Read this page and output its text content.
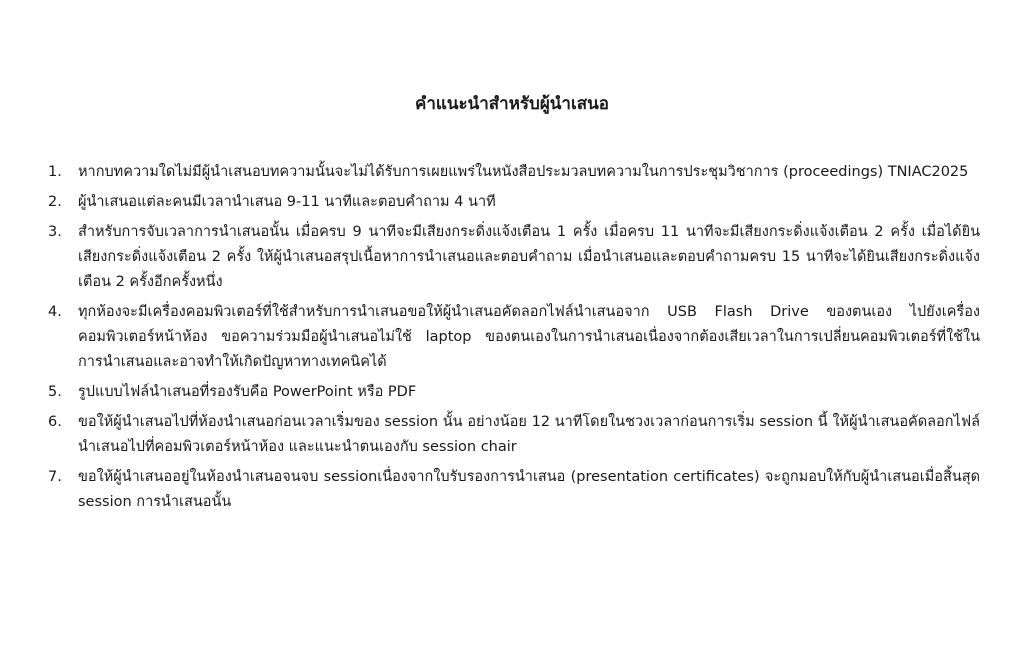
คำแนะนำสำหรับผู้นำเสนอ
1.	หากบทความใดไม่มีผู้นำเสนอบทความนั้นจะไม่ได้รับการเผยแพร่ในหนังสือประมวลบทความในการประชุมวิชาการ (proceedings) TNIAC2025
2.	ผู้นำเสนอแต่ละคนมีเวลานำเสนอ 9-11 นาทีและตอบคำถาม 4 นาที
3.	สำหรับการจับเวลาการนำเสนอนั้น เมื่อครบ 9 นาทีจะมีเสียงกระดิ่งแจ้งเตือน 1 ครั้ง เมื่อครบ 11 นาทีจะมีเสียงกระดิ่งแจ้งเตือน 2 ครั้ง เมื่อได้ยินเสียงกระดิ่งแจ้งเตือน 2 ครั้ง ให้ผู้นำเสนอสรุปเนื้อหาการนำเสนอและตอบคำถาม เมื่อนำเสนอและตอบคำถามครบ 15 นาทีจะได้ยินเสียงกระดิ่งแจ้งเตือน 2 ครั้งอีกครั้งหนึ่ง
4.	ทุกห้องจะมีเครื่องคอมพิวเตอร์ที่ใช้สำหรับการนำเสนอขอให้ผู้นำเสนอคัดลอกไฟล์นำเสนอจาก USB Flash Drive ของตนเอง ไปยังเครื่องคอมพิวเตอร์หน้าห้อง ขอความร่วมมือผู้นำเสนอไม่ใช้ laptop ของตนเองในการนำเสนอเนื่องจากต้องเสียเวลาในการเปลี่ยนคอมพิวเตอร์ที่ใช้ในการนำเสนอและอาจทำให้เกิดปัญหาทางเทคนิคได้
5.	รูปแบบไฟล์นำเสนอที่รองรับคือ PowerPoint หรือ PDF
6.	ขอให้ผู้นำเสนอไปที่ห้องนำเสนอก่อนเวลาเริ่มของ session นั้น อย่างน้อย 12 นาทีโดยในชวงเวลาก่อนการเริ่ม session นี้ ให้ผู้นำเสนอคัดลอกไฟล์นำเสนอไปที่คอมพิวเตอร์หน้าห้อง และแนะนำตนเองกับ session chair
7.	ขอให้ผู้นำเสนออยู่ในห้องนำเสนอจนจบ sessionเนื่องจากใบรับรองการนำเสนอ (presentation certificates) จะถูกมอบให้กับผู้นำเสนอเมื่อสิ้นสุด session การนำเสนอนั้น
